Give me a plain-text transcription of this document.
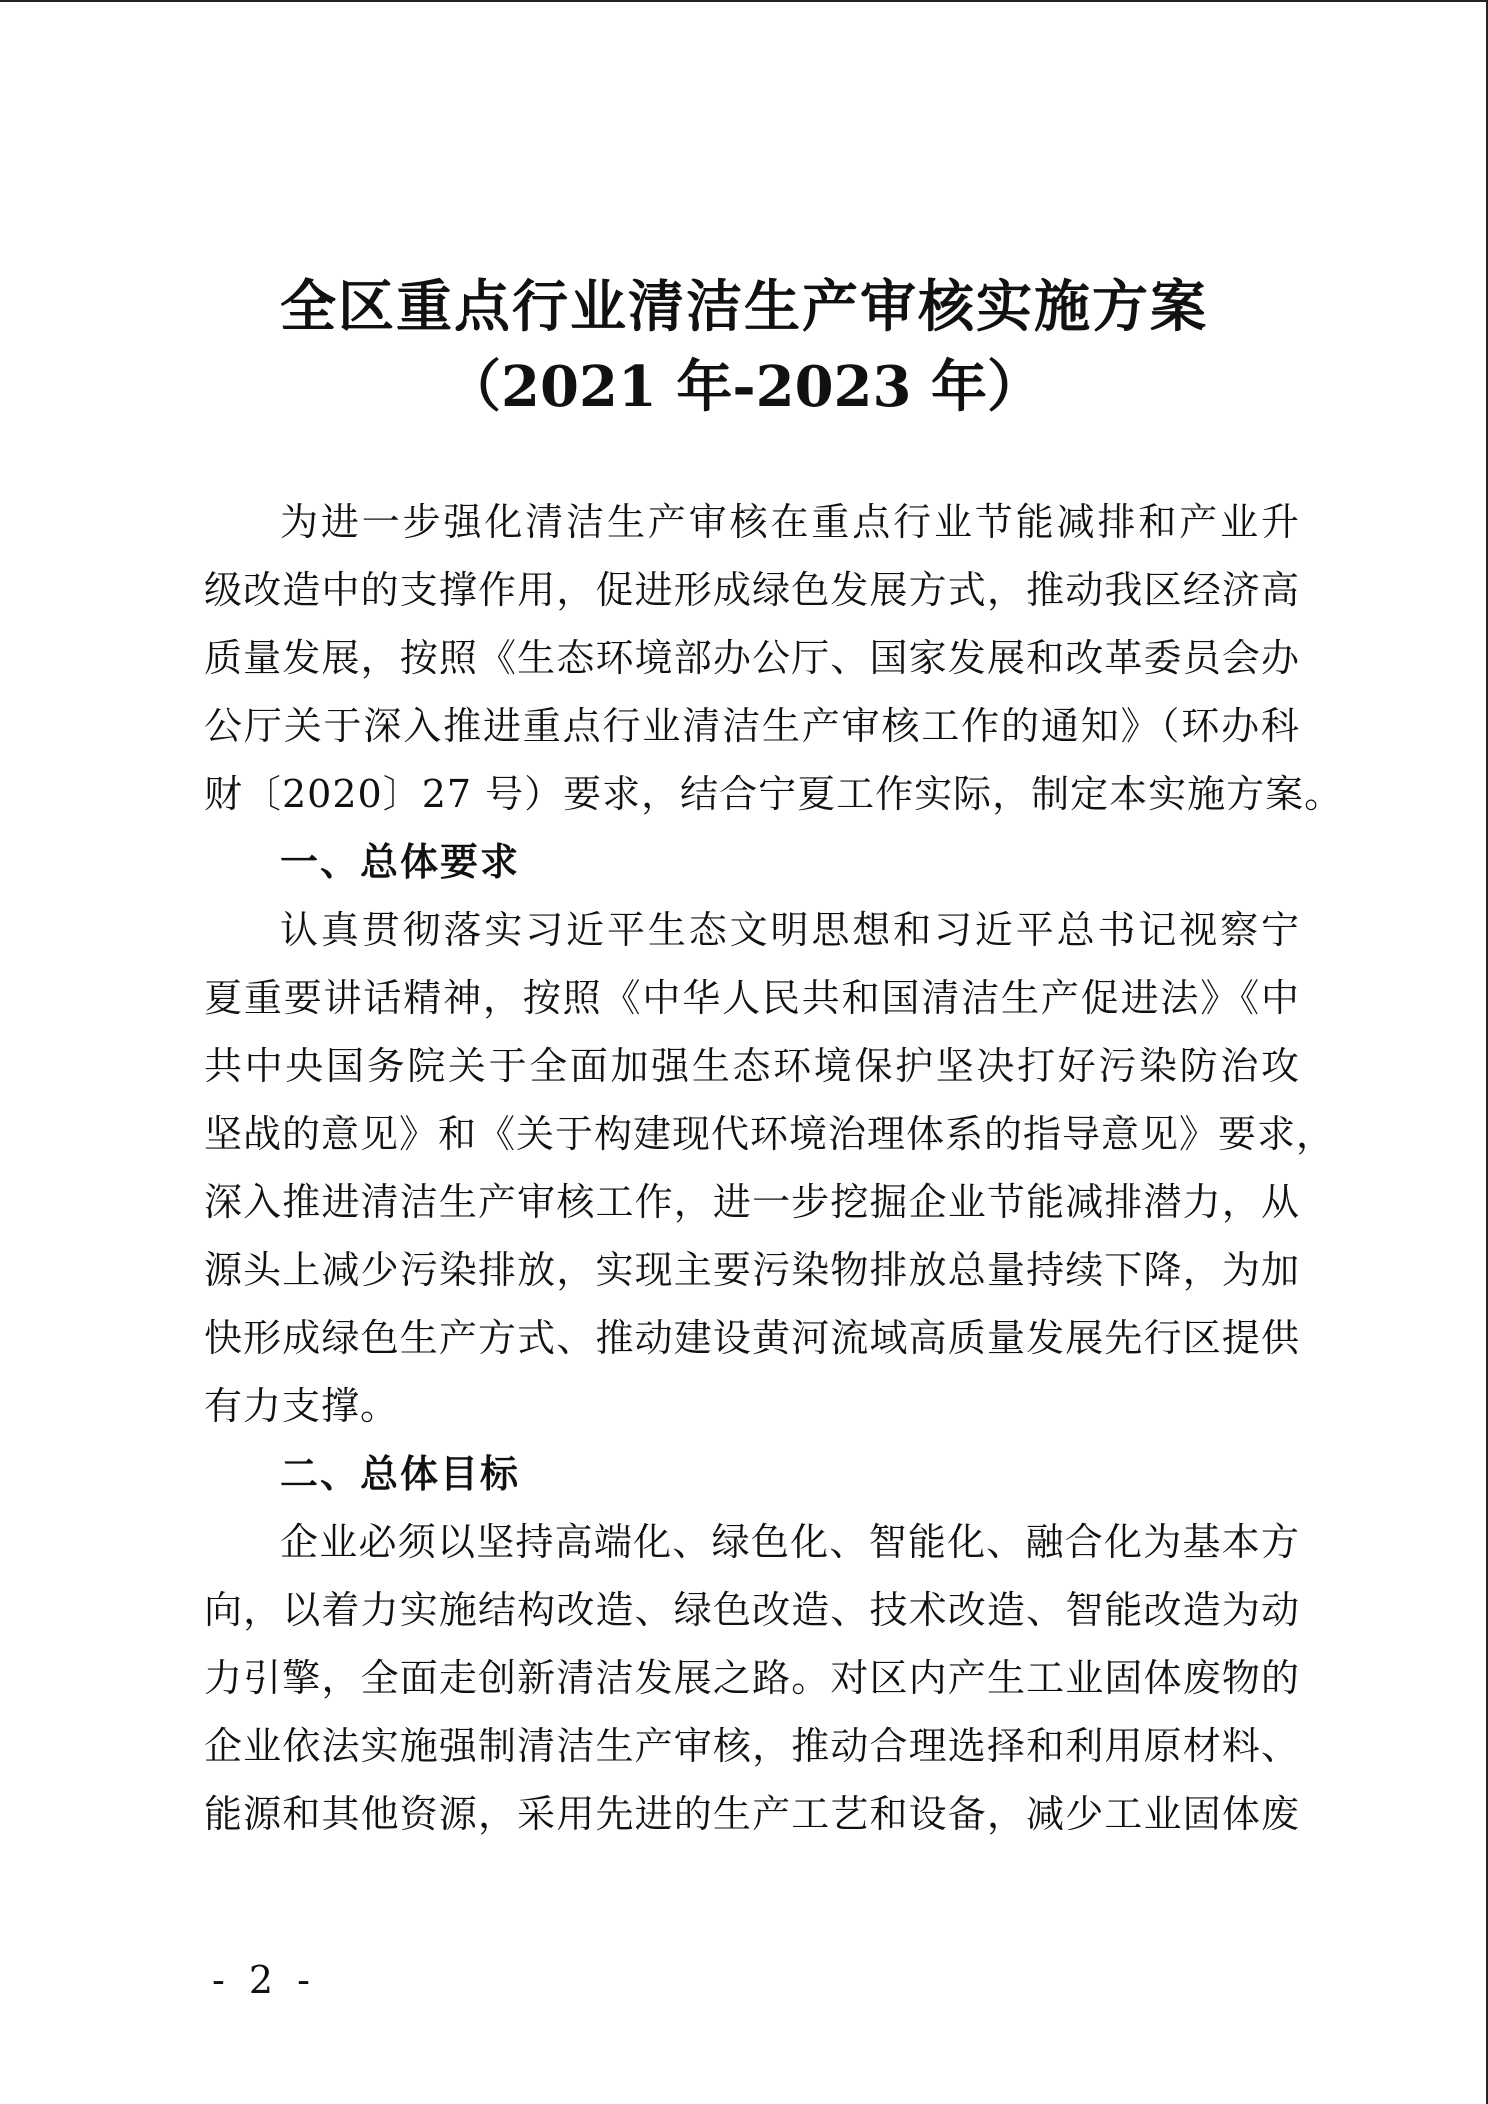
全区重点行业清洁生产审核实施方案
（2021 年-2023 年）
为进一步强化清洁生产审核在重点行业节能减排和产业升
级改造中的支撑作用，促进形成绿色发展方式，推动我区经济高
质量发展，按照《生态环境部办公厅、国家发展和改革委员会办
公厅关于深入推进重点行业清洁生产审核工作的通知》（环办科
财〔2020〕27 号）要求，结合宁夏工作实际，制定本实施方案。
一、总体要求
认真贯彻落实习近平生态文明思想和习近平总书记视察宁
夏重要讲话精神，按照《中华人民共和国清洁生产促进法》《中
共中央国务院关于全面加强生态环境保护坚决打好污染防治攻
坚战的意见》和《关于构建现代环境治理体系的指导意见》要求，
深入推进清洁生产审核工作，进一步挖掘企业节能减排潜力，从
源头上减少污染排放，实现主要污染物排放总量持续下降，为加
快形成绿色生产方式、推动建设黄河流域高质量发展先行区提供
有力支撑。
二、总体目标
企业必须以坚持高端化、绿色化、智能化、融合化为基本方
向，以着力实施结构改造、绿色改造、技术改造、智能改造为动
力引擎，全面走创新清洁发展之路。对区内产生工业固体废物的
企业依法实施强制清洁生产审核，推动合理选择和利用原材料、
能源和其他资源，采用先进的生产工艺和设备，减少工业固体废
- 2 -
